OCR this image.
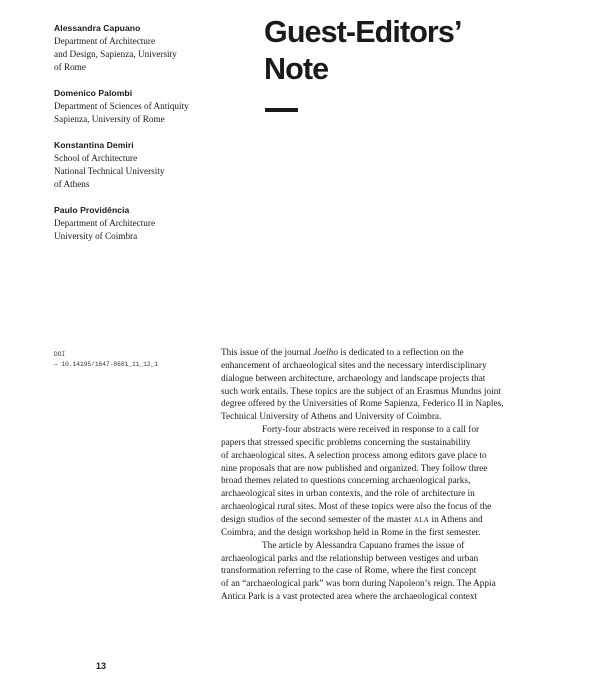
Alessandra Capuano
Department of Architecture
and Design, Sapienza, University
of Rome
Domenico Palombi
Department of Sciences of Antiquity
Sapienza, University of Rome
Konstantina Demiri
School of Architecture
National Technical University
of Athens
Paulo Providência
Department of Architecture
University of Coimbra
Guest-Editors’
Note
DOI
— 10.14195/1647-8681_11_12_1
This issue of the journal Joelho is dedicated to a reflection on the
enhancement of archaeological sites and the necessary interdisciplinary
dialogue between architecture, archaeology and landscape projects that
such work entails. These topics are the subject of an Erasmus Mundus joint
degree offered by the Universities of Rome Sapienza, Federico II in Naples,
Technical University of Athens and University of Coimbra.
Forty-four abstracts were received in response to a call for
papers that stressed specific problems concerning the sustainability
of archaeological sites. A selection process among editors gave place to
nine proposals that are now published and organized. They follow three
broad themes related to questions concerning archaeological parks,
archaeological sites in urban contexts, and the role of architecture in
archaeological rural sites. Most of these topics were also the focus of the
design studios of the second semester of the master ala in Athens and
Coimbra, and the design workshop held in Rome in the first semester.
The article by Alessandra Capuano frames the issue of
archaeological parks and the relationship between vestiges and urban
transformation referring to the case of Rome, where the first concept
of an “archaeological park” was born during Napoleon’s reign. The Appia
Antica Park is a vast protected area where the archaeological context
13
